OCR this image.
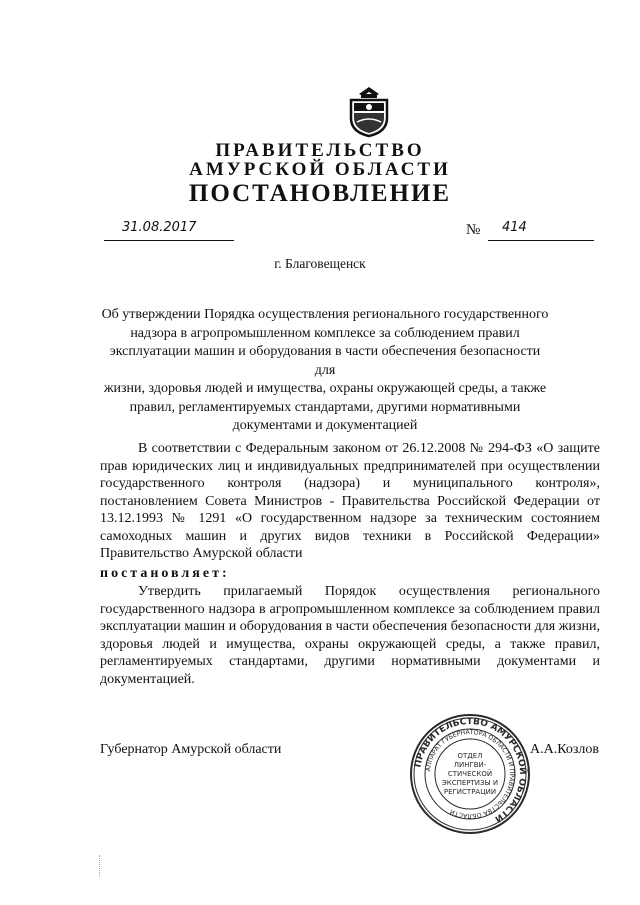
ПРАВИТЕЛЬСТВО
АМУРСКОЙ ОБЛАСТИ
ПОСТАНОВЛЕНИЕ
31.08.2017	№ 414
г. Благовещенск
Об утверждении Порядка осуществления регионального государственного
надзора в агропромышленном комплексе за соблюдением правил
эксплуатации машин и оборудования в части обеспечения безопасности для
жизни, здоровья людей и имущества, охраны окружающей среды, а также
правил, регламентируемых стандартами, другими нормативными
документами и документацией
В соответствии с Федеральным законом от 26.12.2008 № 294-ФЗ «О защите прав юридических лиц и индивидуальных предпринимателей при осуществлении государственного контроля (надзора) и муниципального контроля», постановлением Совета Министров - Правительства Российской Федерации от 13.12.1993 № 1291 «О государственном надзоре за техническим состоянием самоходных машин и других видов техники в Российской Федерации» Правительство Амурской области
постановляет:
Утвердить прилагаемый Порядок осуществления регионального государственного надзора в агропромышленном комплексе за соблюдением правил эксплуатации машин и оборудования в части обеспечения безопасности для жизни, здоровья людей и имущества, охраны окружающей среды, а также правил, регламентируемых стандартами, другими нормативными документами и документацией.
Губернатор Амурской области	А.А.Козлов
ПРАВИТЕЛЬСТВО АМУРСКОЙ ОБЛАСТИ
АППАРАТ ГУБЕРНАТОРА ОБЛАСТИ И ПРАВИТЕЛЬСТВА ОБЛАСТИ
ОТДЕЛ
ЛИНГВИ-
СТИЧЕСКОЙ
ЭКСПЕРТИЗЫ И
РЕГИСТРАЦИИ
